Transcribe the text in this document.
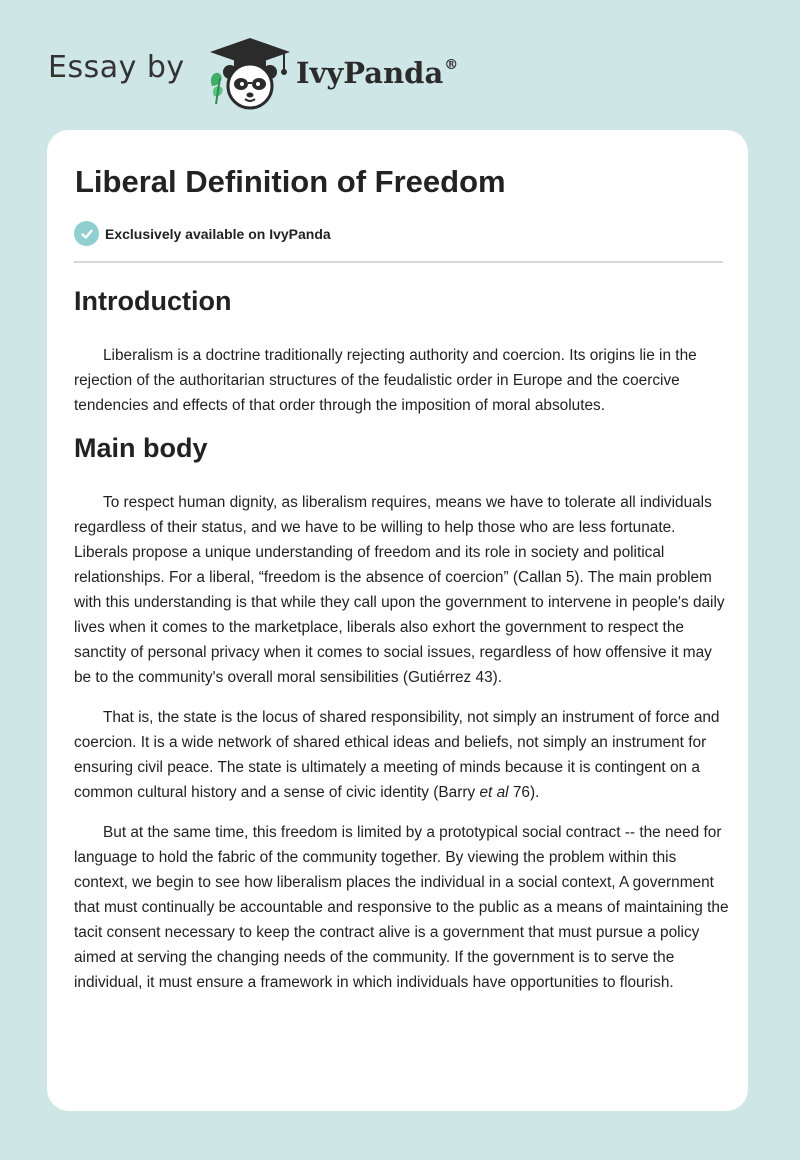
Essay by	IvyPanda®
Liberal Definition of Freedom
Exclusively available on IvyPanda
Introduction

Liberalism is a doctrine traditionally rejecting authority and coercion. Its origins lie in the rejection of the authoritarian structures of the feudalistic order in Europe and the coercive tendencies and effects of that order through the imposition of moral absolutes.

Main body

To respect human dignity, as liberalism requires, means we have to tolerate all individuals regardless of their status, and we have to be willing to help those who are less fortunate. Liberals propose a unique understanding of freedom and its role in society and political relationships. For a liberal, “freedom is the absence of coercion” (Callan 5). The main problem with this understanding is that while they call upon the government to intervene in people's daily lives when it comes to the marketplace, liberals also exhort the government to respect the sanctity of personal privacy when it comes to social issues, regardless of how offensive it may be to the community's overall moral sensibilities (Gutiérrez 43).

That is, the state is the locus of shared responsibility, not simply an instrument of force and coercion. It is a wide network of shared ethical ideas and beliefs, not simply an instrument for ensuring civil peace. The state is ultimately a meeting of minds because it is contingent on a common cultural history and a sense of civic identity (Barry et al 76).

But at the same time, this freedom is limited by a prototypical social contract -- the need for language to hold the fabric of the community together. By viewing the problem within this context, we begin to see how liberalism places the individual in a social context, A government that must continually be accountable and responsive to the public as a means of maintaining the tacit consent necessary to keep the contract alive is a government that must pursue a policy aimed at serving the changing needs of the community. If the government is to serve the individual, it must ensure a framework in which individuals have opportunities to flourish.
